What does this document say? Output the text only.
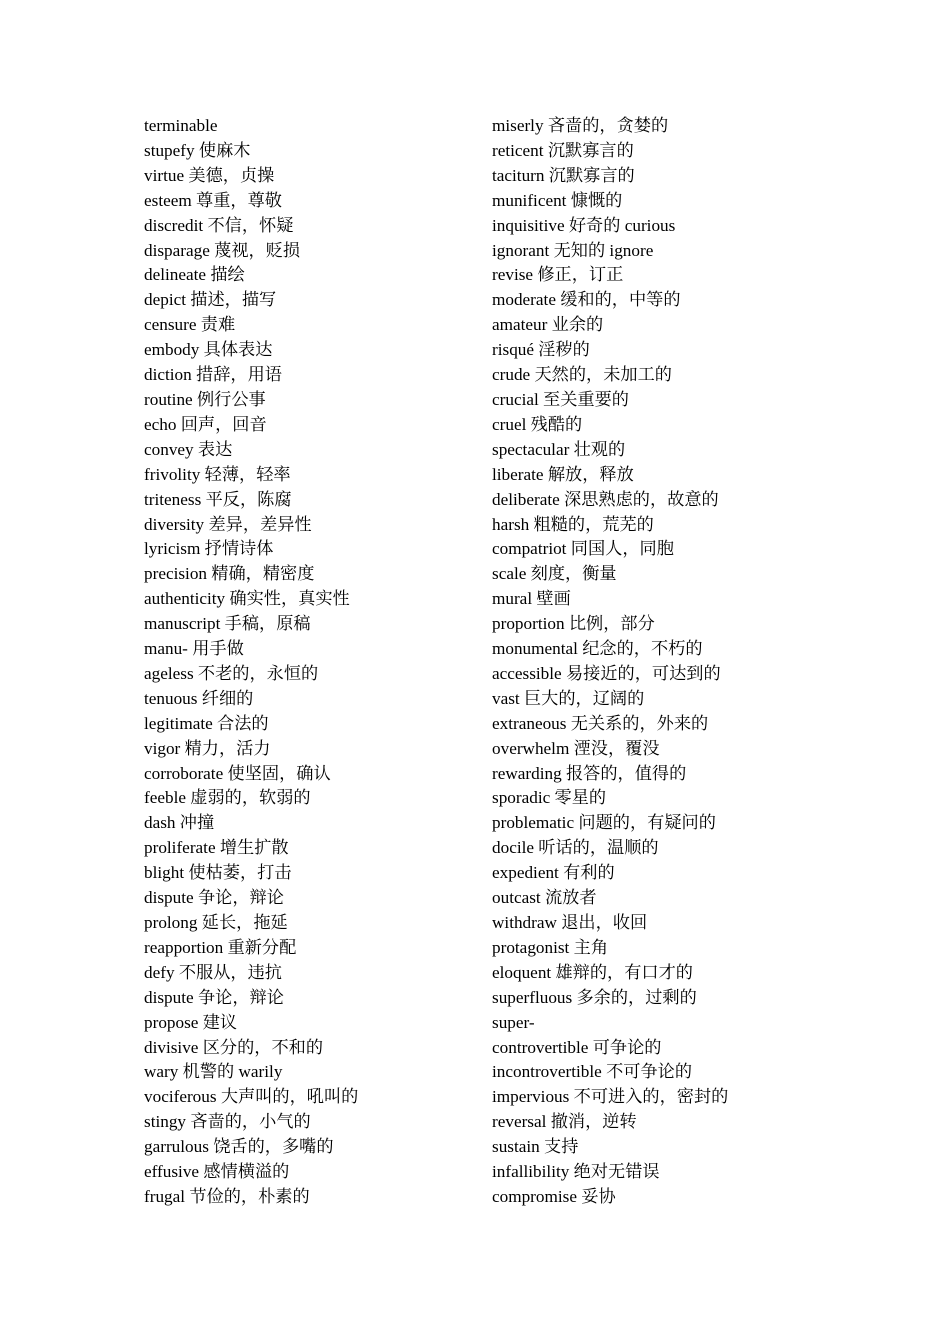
terminable
stupefy 使麻木
virtue 美德，贞操
esteem 尊重，尊敬
discredit 不信，怀疑
disparage 蔑视，贬损
delineate 描绘
depict 描述，描写
censure 责难
embody 具体表达
diction 措辞，用语
routine 例行公事
echo 回声，回音
convey 表达
frivolity 轻薄，轻率
triteness 平反，陈腐
diversity 差异，差异性
lyricism 抒情诗体
precision 精确，精密度
authenticity 确实性，真实性
manuscript 手稿，原稿
manu- 用手做
ageless 不老的，永恒的
tenuous 纤细的
legitimate 合法的
vigor 精力，活力
corroborate 使坚固，确认
feeble 虚弱的，软弱的
dash 冲撞
proliferate 增生扩散
blight 使枯萎，打击
dispute 争论，辩论
prolong 延长，拖延
reapportion 重新分配
defy 不服从，违抗
dispute 争论，辩论
propose 建议
divisive 区分的，不和的
wary 机警的 warily
vociferous 大声叫的，吼叫的
stingy 吝啬的，小气的
garrulous 饶舌的，多嘴的
effusive 感情横溢的
frugal 节俭的，朴素的
miserly 吝啬的，贪婪的
reticent 沉默寡言的
taciturn 沉默寡言的
munificent 慷慨的
inquisitive 好奇的 curious
ignorant 无知的 ignore
revise 修正，订正
moderate 缓和的，中等的
amateur 业余的
risqué 淫秽的
crude 天然的，未加工的
crucial 至关重要的
cruel 残酷的
spectacular 壮观的
liberate 解放，释放
deliberate 深思熟虑的，故意的
harsh 粗糙的，荒芜的
compatriot 同国人，同胞
scale 刻度，衡量
mural 壁画
proportion 比例，部分
monumental 纪念的，不朽的
accessible 易接近的，可达到的
vast 巨大的，辽阔的
extraneous 无关系的，外来的
overwhelm 湮没，覆没
rewarding 报答的，值得的
sporadic 零星的
problematic 问题的，有疑问的
docile 听话的，温顺的
expedient 有利的
outcast 流放者
withdraw 退出，收回
protagonist 主角
eloquent 雄辩的，有口才的
superfluous 多余的，过剩的
super-
controvertible 可争论的
incontrovertible 不可争论的
impervious 不可进入的，密封的
reversal 撤消，逆转
sustain 支持
infallibility 绝对无错误
compromise 妥协
